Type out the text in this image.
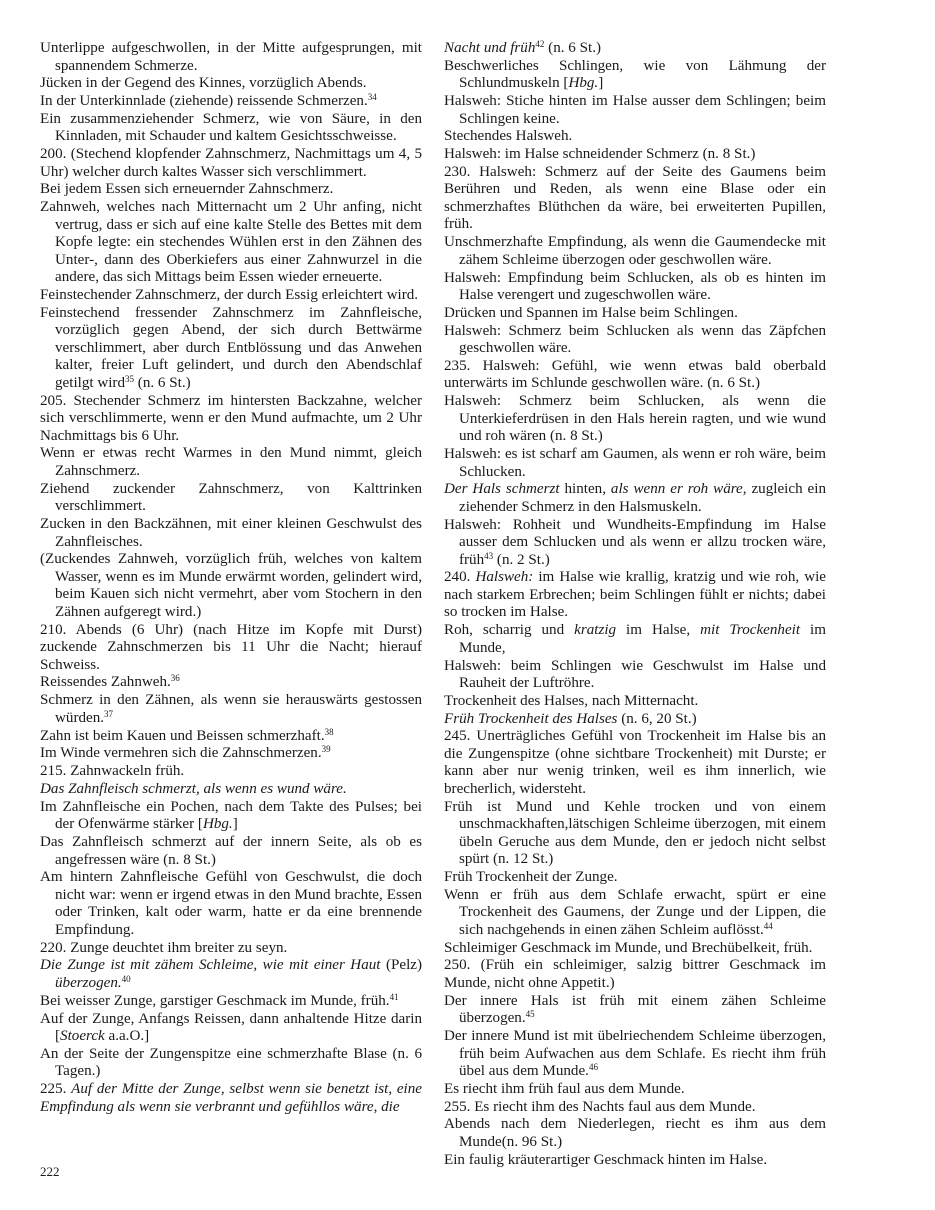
Unterlippe aufgeschwollen, in der Mitte aufgesprungen, mit spannendem Schmerze.

Jücken in der Gegend des Kinnes, vorzüglich Abends.

In der Unterkinnlade (ziehende) reissende Schmerzen.$^{34}$

Ein zusammenziehender Schmerz, wie von Säure, in den Kinnladen, mit Schauder und kaltem Gesichtsschweisse.

200. (Stechend klopfender Zahnschmerz, Nachmittags um 4, 5 Uhr) welcher durch kaltes Wasser sich verschlimmert.

Bei jedem Essen sich erneuernder Zahnschmerz.

Zahnweh, welches nach Mitternacht um 2 Uhr anfing, nicht vertrug, dass er sich auf eine kalte Stelle des Bettes mit dem Kopfe legte: ein stechendes Wühlen erst in den Zähnen des Unter-, dann des Oberkiefers aus einer Zahnwurzel in die andere, das sich Mittags beim Essen wieder erneuerte.

Feinstechender Zahnschmerz, der durch Essig erleichtert wird.

Feinstechend fressender Zahnschmerz im Zahnfleische, vorzüglich gegen Abend, der sich durch Bettwärme verschlimmert, aber durch Entblössung und das Anwehen kalter, freier Luft gelindert, und durch den Abendschlaf getilgt wird$^{35}$ (n. 6 St.)

205. Stechender Schmerz im hintersten Backzahne, welcher sich verschlimmerte, wenn er den Mund aufmachte, um 2 Uhr Nachmittags bis 6 Uhr.

Wenn er etwas recht Warmes in den Mund nimmt, gleich Zahnschmerz.

Ziehend zuckender Zahnschmerz, von Kalttrinken verschlimmert.

Zucken in den Backzähnen, mit einer kleinen Geschwulst des Zahnfleisches.

(Zuckendes Zahnweh, vorzüglich früh, welches von kaltem Wasser, wenn es im Munde erwärmt worden, gelindert wird, beim Kauen sich nicht vermehrt, aber vom Stochern in den Zähnen aufgeregt wird.)

210. Abends (6 Uhr) (nach Hitze im Kopfe mit Durst) zuckende Zahnschmerzen bis 11 Uhr die Nacht; hierauf Schweiss.

Reissendes Zahnweh.$^{36}$

Schmerz in den Zähnen, als wenn sie herauswärts gestossen würden.$^{37}$

Zahn ist beim Kauen und Beissen schmerzhaft.$^{38}$

Im Winde vermehren sich die Zahnschmerzen.$^{39}$

215. Zahnwackeln früh.

Das Zahnfleisch schmerzt, als wenn es wund wäre.

Im Zahnfleische ein Pochen, nach dem Takte des Pulses; bei der Ofenwärme stärker [Hbg.]

Das Zahnfleisch schmerzt auf der innern Seite, als ob es angefressen wäre (n. 8 St.)

Am hintern Zahnfleische Gefühl von Geschwulst, die doch nicht war: wenn er irgend etwas in den Mund brachte, Essen oder Trinken, kalt oder warm, hatte er da eine brennende Empfindung.

220. Zunge deuchtet ihm breiter zu seyn.

Die Zunge ist mit zähem Schleime, wie mit einer Haut (Pelz) überzogen.$^{40}$

Bei weisser Zunge, garstiger Geschmack im Munde, früh.$^{41}$

Auf der Zunge, Anfangs Reissen, dann anhaltende Hitze darin [Stoerck a.a.O.]

An der Seite der Zungenspitze eine schmerzhafte Blase (n. 6 Tagen.)

225. Auf der Mitte der Zunge, selbst wenn sie benetzt ist, eine Empfindung als wenn sie verbrannt und gefühllos wäre, die

Nacht und früh$^{42}$ (n. 6 St.)

Beschwerliches Schlingen, wie von Lähmung der Schlundmuskeln [Hbg.]

Halsweh: Stiche hinten im Halse ausser dem Schlingen; beim Schlingen keine.

Stechendes Halsweh.

Halsweh: im Halse schneidender Schmerz (n. 8 St.)

230. Halsweh: Schmerz auf der Seite des Gaumens beim Berühren und Reden, als wenn eine Blase oder ein schmerzhaftes Blüthchen da wäre, bei erweiterten Pupillen, früh.

Unschmerzhafte Empfindung, als wenn die Gaumendecke mit zähem Schleime überzogen oder geschwollen wäre.

Halsweh: Empfindung beim Schlucken, als ob es hinten im Halse verengert und zugeschwollen wäre.

Drücken und Spannen im Halse beim Schlingen.

Halsweh: Schmerz beim Schlucken als wenn das Zäpfchen geschwollen wäre.

235. Halsweh: Gefühl, wie wenn etwas bald oberbald unterwärts im Schlunde geschwollen wäre. (n. 6 St.)

Halsweh: Schmerz beim Schlucken, als wenn die Unterkieferdrüsen in den Hals herein ragten, und wie wund und roh wären (n. 8 St.)

Halsweh: es ist scharf am Gaumen, als wenn er roh wäre, beim Schlucken.

Der Hals schmerzt hinten, als wenn er roh wäre, zugleich ein ziehender Schmerz in den Halsmuskeln.

Halsweh: Rohheit und Wundheits-Empfindung im Halse ausser dem Schlucken und als wenn er allzu trocken wäre, früh$^{43}$ (n. 2 St.)

240. Halsweh: im Halse wie krallig, kratzig und wie roh, wie nach starkem Erbrechen; beim Schlingen fühlt er nichts; dabei so trocken im Halse.

Roh, scharrig und kratzig im Halse, mit Trockenheit im Munde,

Halsweh: beim Schlingen wie Geschwulst im Halse und Rauheit der Luftröhre.

Trockenheit des Halses, nach Mitternacht.

Früh Trockenheit des Halses (n. 6, 20 St.)

245. Unerträgliches Gefühl von Trockenheit im Halse bis an die Zungenspitze (ohne sichtbare Trockenheit) mit Durste; er kann aber nur wenig trinken, weil es ihm innerlich, wie brecherlich, widersteht.

Früh ist Mund und Kehle trocken und von einem unschmackhaften,lätschigen Schleime überzogen, mit einem übeln Geruche aus dem Munde, den er jedoch nicht selbst spürt (n. 12 St.)

Früh Trockenheit der Zunge.

Wenn er früh aus dem Schlafe erwacht, spürt er eine Trockenheit des Gaumens, der Zunge und der Lippen, die sich nachgehends in einen zähen Schleim auflösst.$^{44}$

Schleimiger Geschmack im Munde, und Brechübelkeit, früh.

250. (Früh ein schleimiger, salzig bittrer Geschmack im Munde, nicht ohne Appetit.)

Der innere Hals ist früh mit einem zähen Schleime überzogen.$^{45}$

Der innere Mund ist mit übelriechendem Schleime überzogen, früh beim Aufwachen aus dem Schlafe. Es riecht ihm früh übel aus dem Munde.$^{46}$

Es riecht ihm früh faul aus dem Munde.

255. Es riecht ihm des Nachts faul aus dem Munde.

Abends nach dem Niederlegen, riecht es ihm aus dem Munde(n. 96 St.)

Ein faulig kräuterartiger Geschmack hinten im Halse.

222
